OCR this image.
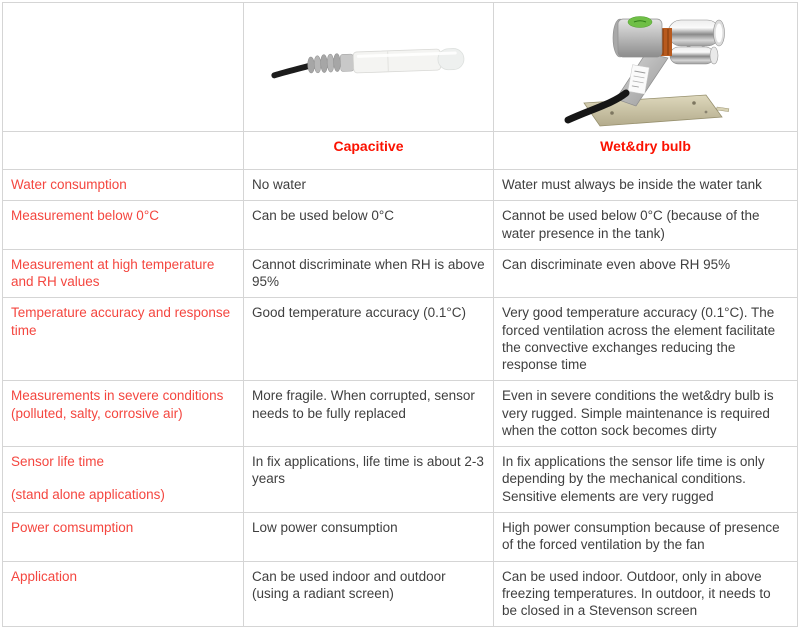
	Capacitive	Wet&dry bulb

Water consumption	No water	Water must always be inside the water tank

Measurement below 0°C	Can be used below 0°C	Cannot be used below 0°C (because of the water presence in the tank)

Measurement at high temperature and RH values	Cannot discriminate when RH is above 95%	Can discriminate even above RH 95%

Temperature accuracy and response time	Good temperature accuracy (0.1°C)	Very good temperature accuracy (0.1°C). The forced ventilation across the element facilitate the convective exchanges reducing the response time

Measurements in severe conditions (polluted, salty, corrosive air)	More fragile. When corrupted, sensor needs to be fully replaced	Even in severe conditions the wet&dry bulb is very rugged. Simple maintenance is required when the cotton sock becomes dirty

Sensor life time
(stand alone applications)	In fix applications, life time is about 2-3 years	In fix applications the sensor life time is only depending by the mechanical conditions. Sensitive elements are very rugged

Power comsumption	Low power consumption	High power consumption because of presence of the forced ventilation by the fan

Application	Can be used indoor and outdoor (using a radiant screen)	Can be used indoor. Outdoor, only in above freezing temperatures. In outdoor, it needs to be closed in a Stevenson screen
